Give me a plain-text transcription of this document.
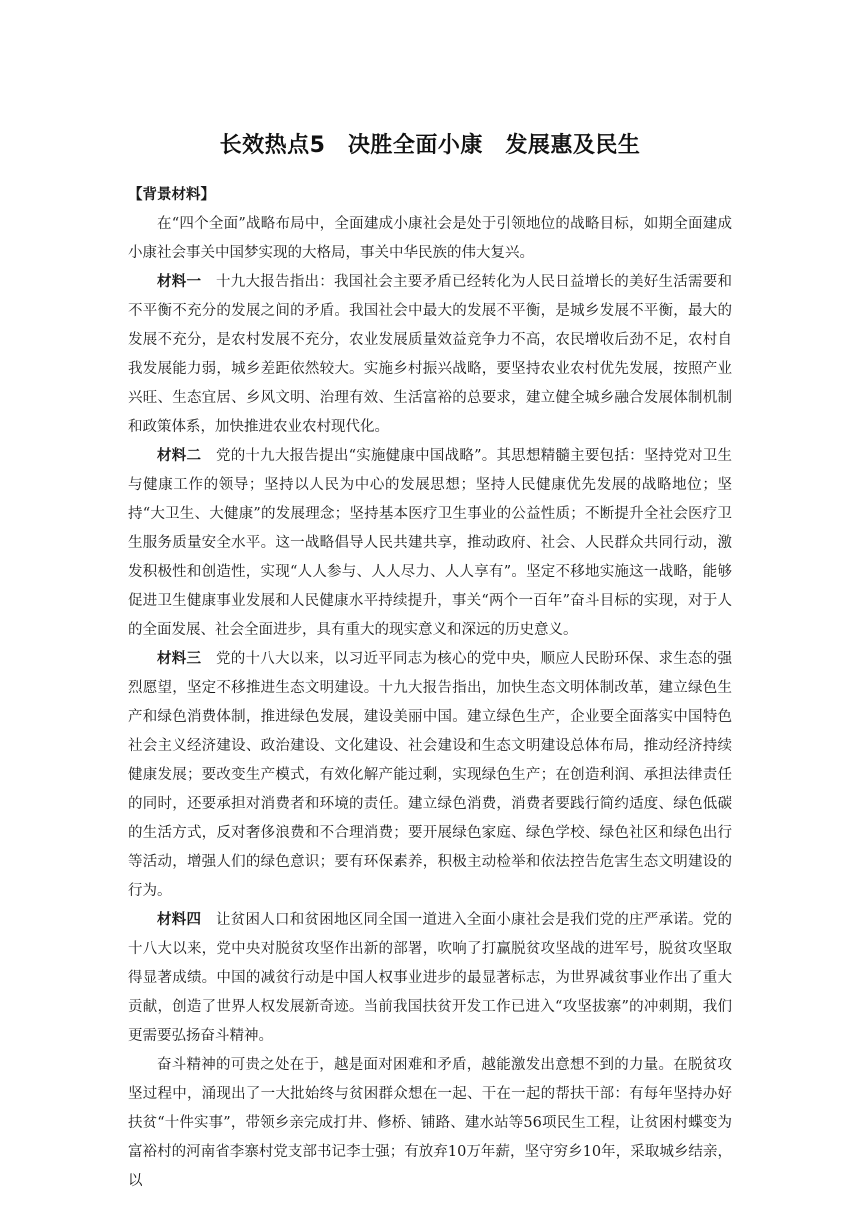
长效热点5　决胜全面小康　发展惠及民生

【背景材料】

在“四个全面”战略布局中，全面建成小康社会是处于引领地位的战略目标，如期全面建成小康社会事关中国梦实现的大格局，事关中华民族的伟大复兴。

材料一　十九大报告指出：我国社会主要矛盾已经转化为人民日益增长的美好生活需要和不平衡不充分的发展之间的矛盾。我国社会中最大的发展不平衡，是城乡发展不平衡，最大的发展不充分，是农村发展不充分，农业发展质量效益竞争力不高，农民增收后劲不足，农村自我发展能力弱，城乡差距依然较大。实施乡村振兴战略，要坚持农业农村优先发展，按照产业兴旺、生态宜居、乡风文明、治理有效、生活富裕的总要求，建立健全城乡融合发展体制机制和政策体系，加快推进农业农村现代化。

材料二　党的十九大报告提出“实施健康中国战略”。其思想精髓主要包括：坚持党对卫生与健康工作的领导；坚持以人民为中心的发展思想；坚持人民健康优先发展的战略地位；坚持“大卫生、大健康”的发展理念；坚持基本医疗卫生事业的公益性质；不断提升全社会医疗卫生服务质量安全水平。这一战略倡导人民共建共享，推动政府、社会、人民群众共同行动，激发积极性和创造性，实现“人人参与、人人尽力、人人享有”。坚定不移地实施这一战略，能够促进卫生健康事业发展和人民健康水平持续提升，事关“两个一百年”奋斗目标的实现，对于人的全面发展、社会全面进步，具有重大的现实意义和深远的历史意义。

材料三　党的十八大以来，以习近平同志为核心的党中央，顺应人民盼环保、求生态的强烈愿望，坚定不移推进生态文明建设。十九大报告指出，加快生态文明体制改革，建立绿色生产和绿色消费体制，推进绿色发展，建设美丽中国。建立绿色生产，企业要全面落实中国特色社会主义经济建设、政治建设、文化建设、社会建设和生态文明建设总体布局，推动经济持续健康发展；要改变生产模式，有效化解产能过剩，实现绿色生产；在创造利润、承担法律责任的同时，还要承担对消费者和环境的责任。建立绿色消费，消费者要践行简约适度、绿色低碳的生活方式，反对奢侈浪费和不合理消费；要开展绿色家庭、绿色学校、绿色社区和绿色出行等活动，增强人们的绿色意识；要有环保素养，积极主动检举和依法控告危害生态文明建设的行为。

材料四　让贫困人口和贫困地区同全国一道进入全面小康社会是我们党的庄严承诺。党的十八大以来，党中央对脱贫攻坚作出新的部署，吹响了打赢脱贫攻坚战的进军号，脱贫攻坚取得显著成绩。中国的减贫行动是中国人权事业进步的最显著标志，为世界减贫事业作出了重大贡献，创造了世界人权发展新奇迹。当前我国扶贫开发工作已进入“攻坚拔寨”的冲刺期，我们更需要弘扬奋斗精神。

奋斗精神的可贵之处在于，越是面对困难和矛盾，越能激发出意想不到的力量。在脱贫攻坚过程中，涌现出了一大批始终与贫困群众想在一起、干在一起的帮扶干部：有每年坚持办好扶贫“十件实事”，带领乡亲完成打井、修桥、铺路、建水站等56项民生工程，让贫困村蝶变为富裕村的河南省李寨村党支部书记李士强；有放弃10万年薪，坚守穷乡10年，采取城乡结亲，以
